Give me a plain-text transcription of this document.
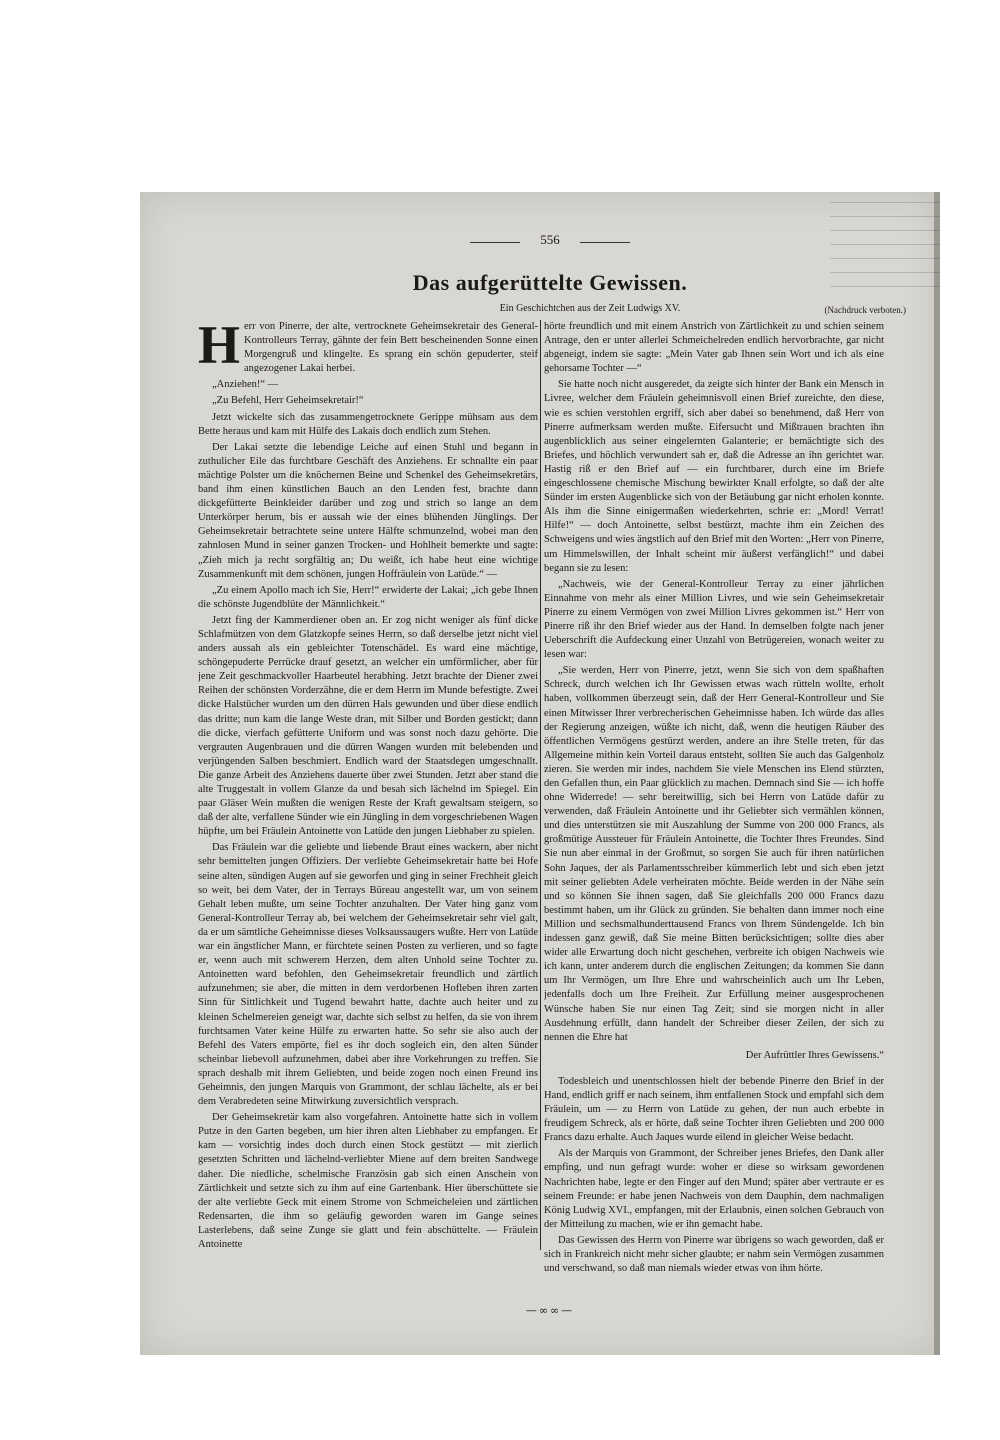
556
Das aufgerüttelte Gewissen.
Ein Geschichtchen aus der Zeit Ludwigs XV.	(Nachdruck verboten.)
H err von Pinerre, der alte, vertrocknete Geheimsekretair des General-Kontrolleurs Terray, gähnte der fein Bett bescheinenden Sonne einen Morgengruß und klingelte. Es sprang ein schön gepuderter, steif angezogener Lakai herbei.

„Anziehen!“ —

„Zu Befehl, Herr Geheimsekretair!“

Jetzt wickelte sich das zusammengetrocknete Gerippe mühsam aus dem Bette heraus und kam mit Hülfe des Lakais doch endlich zum Stehen.

Der Lakai setzte die lebendige Leiche auf einen Stuhl und begann in zuthulicher Eile das furchtbare Geschäft des Anziehens. Er schnallte ein paar mächtige Polster um die knöchernen Beine und Schenkel des Geheimsekretärs, band ihm einen künstlichen Bauch an den Lenden fest, brachte dann dickgefütterte Beinkleider darüber und zog und strich so lange an dem Unterkörper herum, bis er aussah wie der eines blühenden Jünglings. Der Geheimsekretair betrachtete seine untere Hälfte schmunzelnd, wobei man den zahnlosen Mund in seiner ganzen Trocken- und Hohlheit bemerkte und sagte: „Zieh mich ja recht sorgfältig an; Du weißt, ich habe heut eine wichtige Zusammenkunft mit dem schönen, jungen Hoffräulein von Latüde.“ —

„Zu einem Apollo mach ich Sie, Herr!“ erwiderte der Lakai; „ich gebe Ihnen die schönste Jugendblüte der Männlichkeit.“

Jetzt fing der Kammerdiener oben an. Er zog nicht weniger als fünf dicke Schlafmützen von dem Glatzkopfe seines Herrn, so daß derselbe jetzt nicht viel anders aussah als ein gebleichter Totenschädel. Es ward eine mächtige, schöngepuderte Perrücke drauf gesetzt, an welcher ein umförmlicher, aber für jene Zeit geschmackvoller Haarbeutel herabhing. Jetzt brachte der Diener zwei Reihen der schönsten Vorderzähne, die er dem Herrn im Munde befestigte. Zwei dicke Halstücher wurden um den dürren Hals gewunden und über diese endlich das dritte; nun kam die lange Weste dran, mit Silber und Borden gestickt; dann die dicke, vierfach gefütterte Uniform und was sonst noch dazu gehörte. Die vergrauten Augenbrauen und die dürren Wangen wurden mit belebenden und verjüngenden Salben beschmiert. Endlich ward der Staatsdegen umgeschnallt. Die ganze Arbeit des Anziehens dauerte über zwei Stunden. Jetzt aber stand die alte Truggestalt in vollem Glanze da und besah sich lächelnd im Spiegel. Ein paar Gläser Wein mußten die wenigen Reste der Kraft gewaltsam steigern, so daß der alte, verfallene Sünder wie ein Jüngling in dem vorgeschriebenen Wagen hüpfte, um bei Fräulein Antoinette von Latüde den jungen Liebhaber zu spielen.

Das Fräulein war die geliebte und liebende Braut eines wackern, aber nicht sehr bemittelten jungen Offiziers. Der verliebte Geheimsekretair hatte bei Hofe seine alten, sündigen Augen auf sie geworfen und ging in seiner Frechheit gleich so weit, bei dem Vater, der in Terrays Büreau angestellt war, um von seinem Gehalt leben mußte, um seine Tochter anzuhalten. Der Vater hing ganz vom General-Kontrolleur Terray ab, bei welchem der Geheimsekretair sehr viel galt, da er um sämtliche Geheimnisse dieses Volksaussaugers wußte. Herr von Latüde war ein ängstlicher Mann, er fürchtete seinen Posten zu verlieren, und so fagte er, wenn auch mit schwerem Herzen, dem alten Unhold seine Tochter zu. Antoinetten ward befohlen, den Geheimsekretair freundlich und zärtlich aufzunehmen; sie aber, die mitten in dem verdorbenen Hofleben ihren zarten Sinn für Sittlichkeit und Tugend bewahrt hatte, dachte auch heiter und zu kleinen Schelmereien geneigt war, dachte sich selbst zu helfen, da sie von ihrem furchtsamen Vater keine Hülfe zu erwarten hatte. So sehr sie also auch der Befehl des Vaters empörte, fiel es ihr doch sogleich ein, den alten Sünder scheinbar liebevoll aufzunehmen, dabei aber ihre Vorkehrungen zu treffen. Sie sprach deshalb mit ihrem Geliebten, und beide zogen noch einen Freund ins Geheimnis, den jungen Marquis von Grammont, der schlau lächelte, als er bei dem Verabredeten seine Mitwirkung zuversichtlich versprach.

Der Geheimsekretär kam also vorgefahren. Antoinette hatte sich in vollem Putze in den Garten begeben, um hier ihren alten Liebhaber zu empfangen. Er kam — vorsichtig indes doch durch einen Stock gestützt — mit zierlich gesetzten Schritten und lächelnd-verliebter Miene auf dem breiten Sandwege daher. Die niedliche, schelmische Französin gab sich einen Anschein von Zärtlichkeit und setzte sich zu ihm auf eine Gartenbank. Hier überschüttete sie der alte verliebte Geck mit einem Strome von Schmeicheleien und zärtlichen Redensarten, die ihm so geläufig geworden waren im Gange seines Lasterlebens, daß seine Zunge sie glatt und fein abschüttelte. — Fräulein Antoinette

hörte freundlich und mit einem Anstrich von Zärtlichkeit zu und schien seinem Antrage, den er unter allerlei Schmeichelreden endlich hervorbrachte, gar nicht abgeneigt, indem sie sagte: „Mein Vater gab Ihnen sein Wort und ich als eine gehorsame Tochter —“

Sie hatte noch nicht ausgeredet, da zeigte sich hinter der Bank ein Mensch in Livree, welcher dem Fräulein geheimnisvoll einen Brief zureichte, den diese, wie es schien verstohlen ergriff, sich aber dabei so benehmend, daß Herr von Pinerre aufmerksam werden mußte. Eifersucht und Mißtrauen brachten ihn augenblicklich aus seiner eingelernten Galanterie; er bemächtigte sich des Briefes, und höchlich verwundert sah er, daß die Adresse an ihn gerichtet war. Hastig riß er den Brief auf — ein furchtbarer, durch eine im Briefe eingeschlossene chemische Mischung bewirkter Knall erfolgte, so daß der alte Sünder im ersten Augenblicke sich von der Betäubung gar nicht erholen konnte. Als ihm die Sinne einigermaßen wiederkehrten, schrie er: „Mord! Verrat! Hilfe!“ — doch Antoinette, selbst bestürzt, machte ihm ein Zeichen des Schweigens und wies ängstlich auf den Brief mit den Worten: „Herr von Pinerre, um Himmelswillen, der Inhalt scheint mir äußerst verfänglich!“ und dabei begann sie zu lesen:

„Nachweis, wie der General-Kontrolleur Terray zu einer jährlichen Einnahme von mehr als einer Million Livres, und wie sein Geheimsekretair Pinerre zu einem Vermögen von zwei Million Livres gekommen ist.“ Herr von Pinerre riß ihr den Brief wieder aus der Hand. In demselben folgte nach jener Ueberschrift die Aufdeckung einer Unzahl von Betrügereien, wonach weiter zu lesen war:

„Sie werden, Herr von Pinerre, jetzt, wenn Sie sich von dem spaßhaften Schreck, durch welchen ich Ihr Gewissen etwas wach rütteln wollte, erholt haben, vollkommen überzeugt sein, daß der Herr General-Kontrolleur und Sie einen Mitwisser Ihrer verbrecherischen Geheimnisse haben. Ich würde das alles der Regierung anzeigen, wüßte ich nicht, daß, wenn die heutigen Räuber des öffentlichen Vermögens gestürzt werden, andere an ihre Stelle treten, für das Allgemeine mithin kein Vorteil daraus entsteht, sollten Sie auch das Galgenholz zieren. Sie werden mir indes, nachdem Sie viele Menschen ins Elend stürzten, den Gefallen thun, ein Paar glücklich zu machen. Demnach sind Sie — ich hoffe ohne Widerrede! — sehr bereitwillig, sich bei Herrn von Latüde dafür zu verwenden, daß Fräulein Antoinette und ihr Geliebter sich vermählen können, und dies unterstützen sie mit Auszahlung der Summe von 200 000 Francs, als großmütige Aussteuer für Fräulein Antoinette, die Tochter Ihres Freundes. Sind Sie nun aber einmal in der Großmut, so sorgen Sie auch für ihren natürlichen Sohn Jaques, der als Parlamentsschreiber kümmerlich lebt und sich eben jetzt mit seiner geliebten Adele verheiraten möchte. Beide werden in der Nähe sein und so können Sie ihnen sagen, daß Sie gleichfalls 200 000 Francs dazu bestimmt haben, um ihr Glück zu gründen. Sie behalten dann immer noch eine Million und sechsmalhunderttausend Francs von Ihrem Sündengelde. Ich bin indessen ganz gewiß, daß Sie meine Bitten berücksichtigen; sollte dies aber wider alle Erwartung doch nicht geschehen, verbreite ich obigen Nachweis wie ich kann, unter anderem durch die englischen Zeitungen; da kommen Sie dann um Ihr Vermögen, um Ihre Ehre und wahrscheinlich auch um Ihr Leben, jedenfalls doch um Ihre Freiheit. Zur Erfüllung meiner ausgesprochenen Wünsche haben Sie nur einen Tag Zeit; sind sie morgen nicht in aller Ausdehnung erfüllt, dann handelt der Schreiber dieser Zeilen, der sich zu nennen die Ehre hat

Der Aufrüttler Ihres Gewissens.“

Todesbleich und unentschlossen hielt der bebende Pinerre den Brief in der Hand, endlich griff er nach seinem, ihm entfallenen Stock und empfahl sich dem Fräulein, um — zu Herrn von Latüde zu gehen, der nun auch erbebte in freudigem Schreck, als er hörte, daß seine Tochter ihren Geliebten und 200 000 Francs dazu erhalte. Auch Jaques wurde eilend in gleicher Weise bedacht.

Als der Marquis von Grammont, der Schreiber jenes Briefes, den Dank aller empfing, und nun gefragt wurde: woher er diese so wirksam gewordenen Nachrichten habe, legte er den Finger auf den Mund; später aber vertraute er es seinem Freunde: er habe jenen Nachweis von dem Dauphin, dem nachmaligen König Ludwig XVI., empfangen, mit der Erlaubnis, einen solchen Gebrauch von der Mitteilung zu machen, wie er ihn gemacht habe.

Das Gewissen des Herrn von Pinerre war übrigens so wach geworden, daß er sich in Frankreich nicht mehr sicher glaubte; er nahm sein Vermögen zusammen und verschwand, so daß man niemals wieder etwas von ihm hörte.

—∞∞—
